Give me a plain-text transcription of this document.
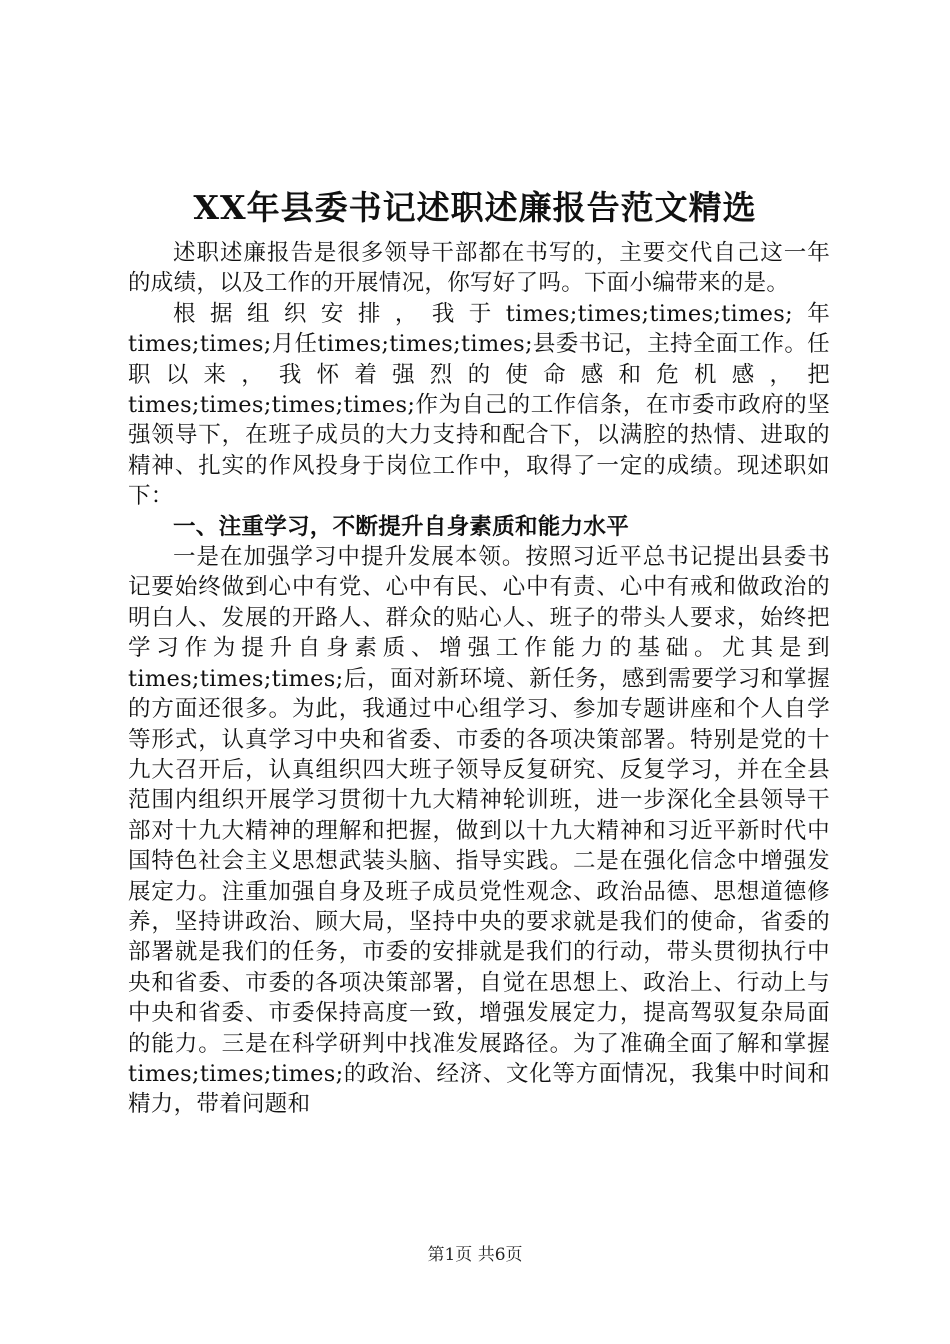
XX年县委书记述职述廉报告范文精选

述职述廉报告是很多领导干部都在书写的，主要交代自己这一年的成绩，以及工作的开展情况，你写好了吗。下面小编带来的是。

根据组织安排，我于times;times;times;times;年times;times;月任times;times;times;县委书记，主持全面工作。任职以来，我怀着强烈的使命感和危机感，把times;times;times;times;作为自己的工作信条，在市委市政府的坚强领导下，在班子成员的大力支持和配合下，以满腔的热情、进取的精神、扎实的作风投身于岗位工作中，取得了一定的成绩。现述职如下：

一、注重学习，不断提升自身素质和能力水平

一是在加强学习中提升发展本领。按照习近平总书记提出县委书记要始终做到心中有党、心中有民、心中有责、心中有戒和做政治的明白人、发展的开路人、群众的贴心人、班子的带头人要求，始终把学习作为提升自身素质、增强工作能力的基础。尤其是到times;times;times;后，面对新环境、新任务，感到需要学习和掌握的方面还很多。为此，我通过中心组学习、参加专题讲座和个人自学等形式，认真学习中央和省委、市委的各项决策部署。特别是党的十九大召开后，认真组织四大班子领导反复研究、反复学习，并在全县范围内组织开展学习贯彻十九大精神轮训班，进一步深化全县领导干部对十九大精神的理解和把握，做到以十九大精神和习近平新时代中国特色社会主义思想武装头脑、指导实践。二是在强化信念中增强发展定力。注重加强自身及班子成员党性观念、政治品德、思想道德修养，坚持讲政治、顾大局，坚持中央的要求就是我们的使命，省委的部署就是我们的任务，市委的安排就是我们的行动，带头贯彻执行中央和省委、市委的各项决策部署，自觉在思想上、政治上、行动上与中央和省委、市委保持高度一致，增强发展定力，提高驾驭复杂局面的能力。三是在科学研判中找准发展路径。为了准确全面了解和掌握times;times;times;的政治、经济、文化等方面情况，我集中时间和精力，带着问题和

第1页 共6页
